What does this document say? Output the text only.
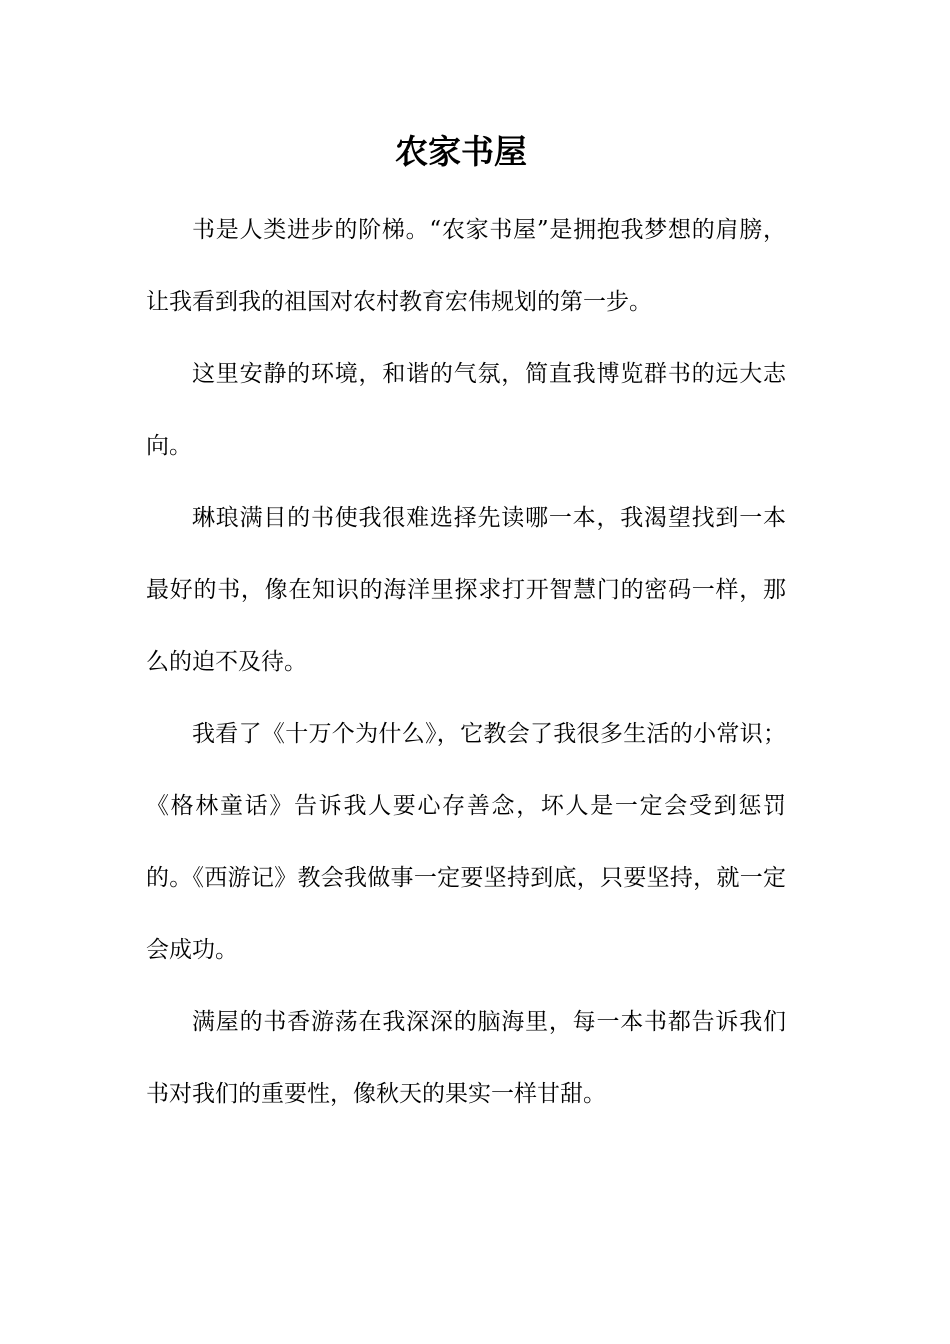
农家书屋

书是人类进步的阶梯。“农家书屋”是拥抱我梦想的肩膀，让我看到我的祖国对农村教育宏伟规划的第一步。

这里安静的环境，和谐的气氛，简直我博览群书的远大志向。

琳琅满目的书使我很难选择先读哪一本，我渴望找到一本最好的书，像在知识的海洋里探求打开智慧门的密码一样，那么的迫不及待。

我看了《十万个为什么》，它教会了我很多生活的小常识；《格林童话》告诉我人要心存善念，坏人是一定会受到惩罚的。《西游记》教会我做事一定要坚持到底，只要坚持，就一定会成功。

满屋的书香游荡在我深深的脑海里，每一本书都告诉我们书对我们的重要性，像秋天的果实一样甘甜。
